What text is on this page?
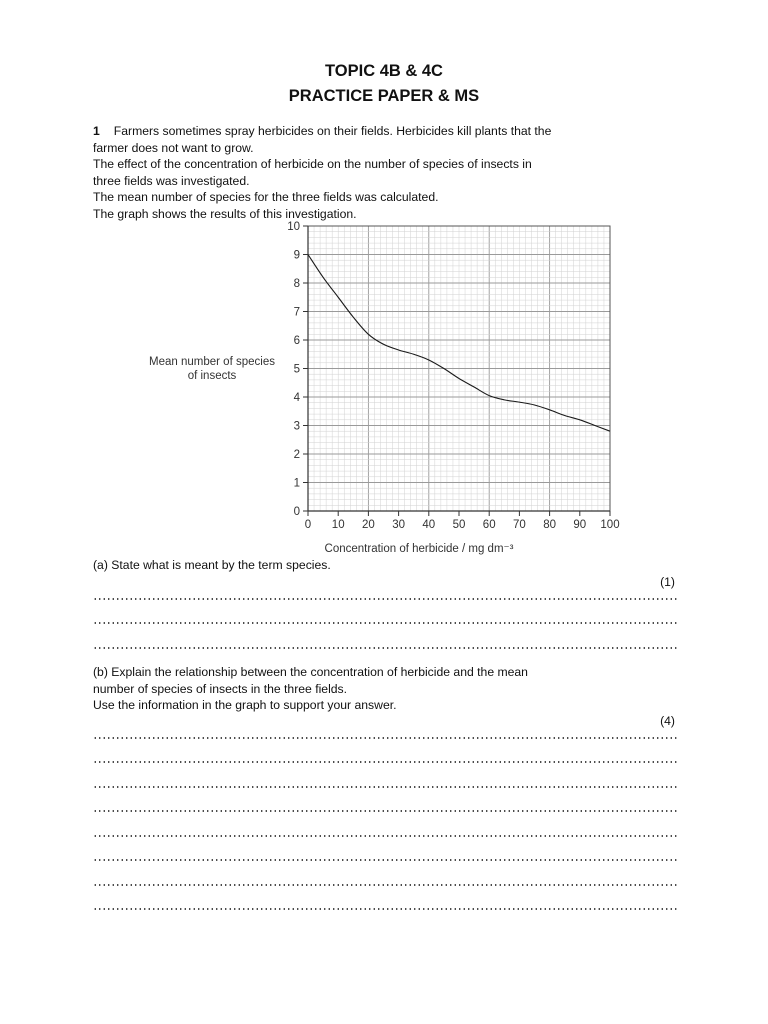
TOPIC 4B & 4C
PRACTICE PAPER & MS
1 Farmers sometimes spray herbicides on their fields. Herbicides kill plants that the
farmer does not want to grow.
The effect of the concentration of herbicide on the number of species of insects in
three fields was investigated.
The mean number of species for the three fields was calculated.
The graph shows the results of this investigation.
0 10 20 30 40 50 60 70 80 90 100
0
1
2
3
4
5
6
7
8
9
10
Mean number of species
of insects
Concentration of herbicide / mg dm⁻³
(a) State what is meant by the term species.
(1)
(b) Explain the relationship between the concentration of herbicide and the mean
number of species of insects in the three fields.
Use the information in the graph to support your answer.
(4)
